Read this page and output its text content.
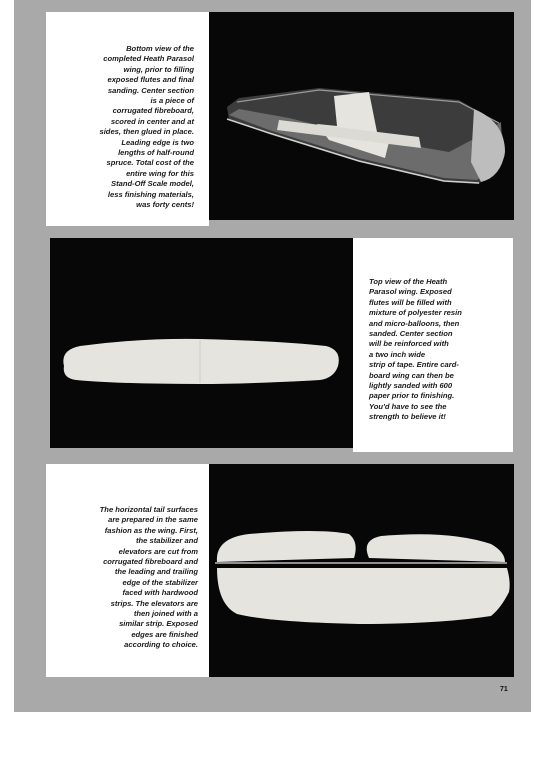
Bottom view of the
completed Heath Parasol
wing, prior to filling
exposed flutes and final
sanding. Center section
is a piece of
corrugated fibreboard,
scored in center and at
sides, then glued in place.
Leading edge is two
lengths of half-round
spruce. Total cost of the
entire wing for this
Stand-Off Scale model,
less finishing materials,
was forty cents!
Top view of the Heath
Parasol wing. Exposed
flutes will be filled with
mixture of polyester resin
and micro-balloons, then
sanded. Center section
will be reinforced with
a two inch wide
strip of tape. Entire card-
board wing can then be
lightly sanded with 600
paper prior to finishing.
You'd have to see the
strength to believe it!
The horizontal tail surfaces
are prepared in the same
fashion as the wing. First,
the stabilizer and
elevators are cut from
corrugated fibreboard and
the leading and trailing
edge of the stabilizer
faced with hardwood
strips. The elevators are
then joined with a
similar strip. Exposed
edges are finished
according to choice.
71
